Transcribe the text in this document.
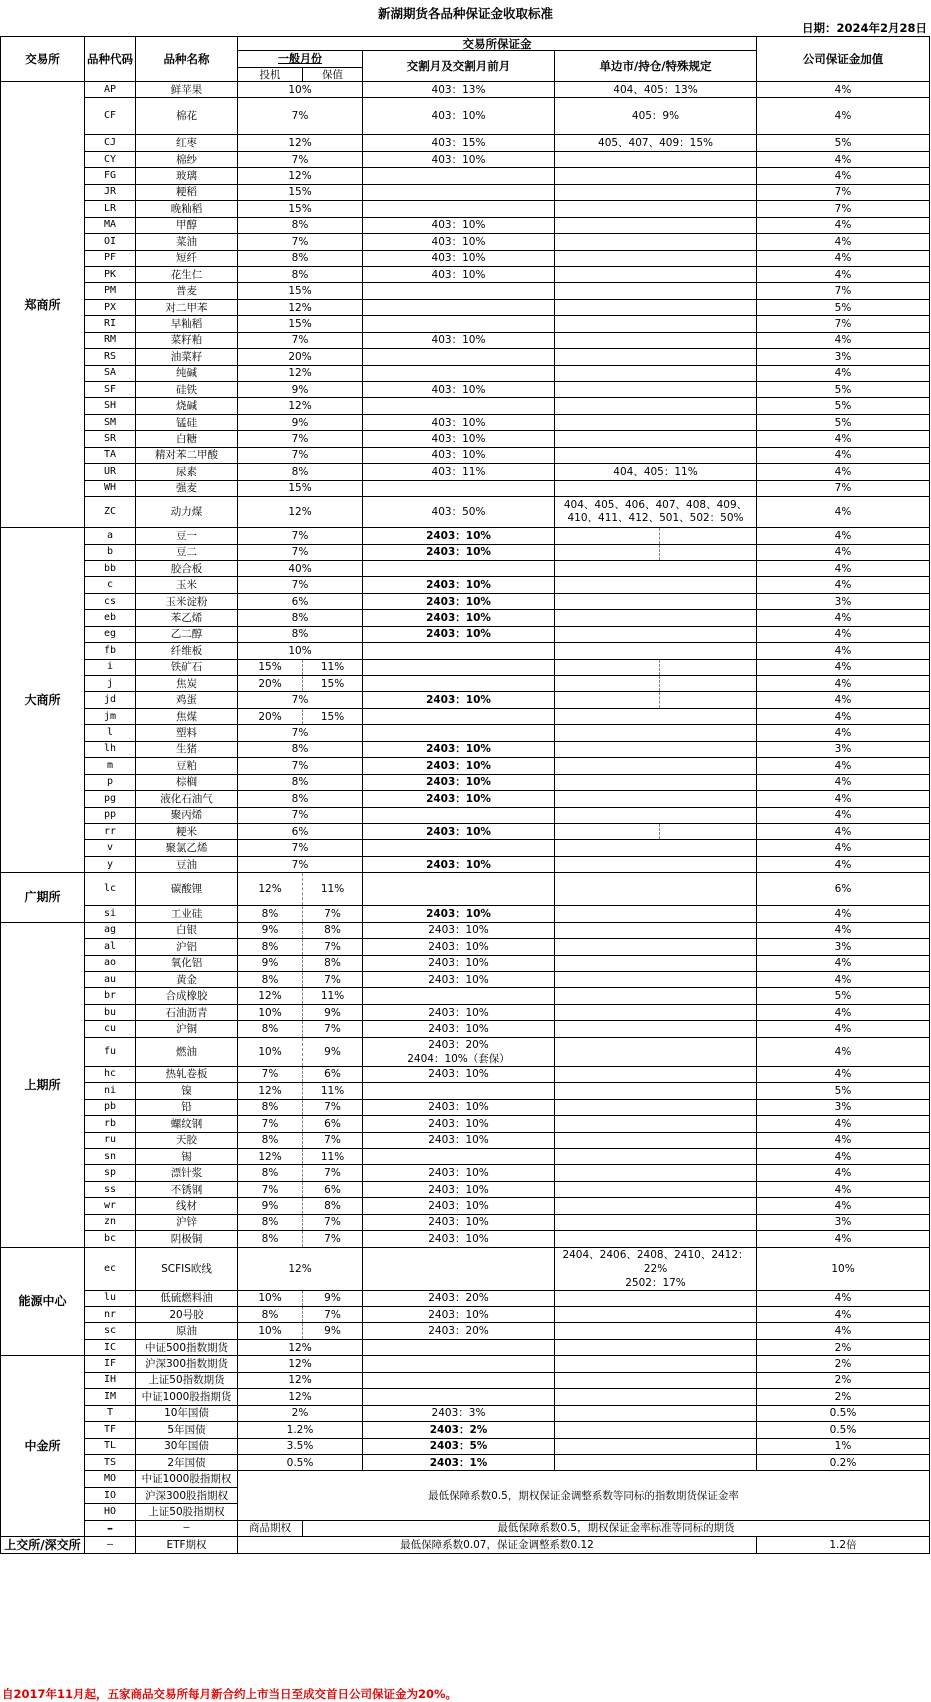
新湖期货各品种保证金收取标准
日期：2024年2月28日
交易所	品种代码	品种名称	交易所保证金					公司保证金加值
			一般月份		交割月及交割月前月	单边市/持仓/特殊规定		
			投机	保值				
郑商所	AP	鲜苹果	10%		403：13%	404、405：13%		4%
	CF	棉花	7%		403：10%	405：9%		4%
	CJ	红枣	12%		403：15%	405、407、409：15%		5%
	CY	棉纱	7%		403：10%			4%
	FG	玻璃	12%					4%
	JR	粳稻	15%					7%
	LR	晚籼稻	15%					7%
	MA	甲醇	8%		403：10%			4%
	OI	菜油	7%		403：10%			4%
	PF	短纤	8%		403：10%			4%
	PK	花生仁	8%		403：10%			4%
	PM	普麦	15%					7%
	PX	对二甲苯	12%					5%
	RI	早籼稻	15%					7%
	RM	菜籽粕	7%		403：10%			4%
	RS	油菜籽	20%					3%
	SA	纯碱	12%					4%
	SF	硅铁	9%		403：10%			5%
	SH	烧碱	12%					5%
	SM	锰硅	9%		403：10%			5%
	SR	白糖	7%		403：10%			4%
	TA	精对苯二甲酸	7%		403：10%			4%
	UR	尿素	8%		403：11%	404、405：11%		4%
	WH	强麦	15%					7%
	ZC	动力煤	12%		403：50%	404、405、406、407、408、409、410、411、412、501、502：50%		4%
大商所	a	豆一	7%		2403：10%			4%
	b	豆二	7%		2403：10%			4%
	bb	胶合板	40%					4%
	c	玉米	7%		2403：10%			4%
	cs	玉米淀粉	6%		2403：10%			3%
	eb	苯乙烯	8%		2403：10%			4%
	eg	乙二醇	8%		2403：10%			4%
	fb	纤维板	10%					4%
	i	铁矿石	15%	11%				4%
	j	焦炭	20%	15%				4%
	jd	鸡蛋	7%		2403：10%			4%
	jm	焦煤	20%	15%				4%
	l	塑料	7%					4%
	lh	生猪	8%		2403：10%			3%
	m	豆粕	7%		2403：10%			4%
	p	棕榈	8%		2403：10%			4%
	pg	液化石油气	8%		2403：10%			4%
	pp	聚丙烯	7%					4%
	rr	粳米	6%		2403：10%			4%
	v	聚氯乙烯	7%					4%
	y	豆油	7%		2403：10%			4%
广期所	lc	碳酸锂	12%	11%				6%
	si	工业硅	8%	7%	2403：10%			4%
上期所	ag	白银	9%	8%	2403：10%			4%
	al	沪铝	8%	7%	2403：10%			3%
	ao	氧化铝	9%	8%	2403：10%			4%
	au	黄金	8%	7%	2403：10%			4%
	br	合成橡胶	12%	11%				5%
	bu	石油沥青	10%	9%	2403：10%			4%
	cu	沪铜	8%	7%	2403：10%			4%
	fu	燃油	10%	9%	2403：20%
2404：10%（套保）			4%
	hc	热轧卷板	7%	6%	2403：10%			4%
	ni	镍	12%	11%				5%
	pb	铅	8%	7%	2403：10%			3%
	rb	螺纹钢	7%	6%	2403：10%			4%
	ru	天胶	8%	7%	2403：10%			4%
	sn	锡	12%	11%				4%
	sp	漂针浆	8%	7%	2403：10%			4%
	ss	不锈钢	7%	6%	2403：10%			4%
	wr	线材	9%	8%	2403：10%			4%
	zn	沪锌	8%	7%	2403：10%			3%
	bc	阴极铜	8%	7%	2403：10%			4%
能源中心	ec	SCFIS欧线	12%			2404、2406、2408、2410、2412：22%
2502：17%		10%
	lu	低硫燃料油	10%	9%	2403：20%			4%
	nr	20号胶	8%	7%	2403：10%			4%
	sc	原油	10%	9%	2403：20%			4%
	IC	中证500指数期货	12%					2%
中金所	IF	沪深300指数期货	12%					2%
	IH	上证50指数期货	12%					2%
	IM	中证1000股指期货	12%					2%
	T	10年国债	2%		2403：3%			0.5%
	TF	5年国债	1.2%		2403：2%			0.5%
	TL	30年国债	3.5%		2403：5%			1%
	TS	2年国债	0.5%		2403：1%			0.2%
	MO	中证1000股指期权	最低保障系数0.5，期权保证金调整系数等同标的指数期货保证金率					
	IO	沪深300股指期权						
	HO	上证50股指期权						
	–	–	商品期权	最低保障系数0.5，期权保证金率标准等同标的期货				
上交所/深交所	–	ETF期权	最低保障系数0.07，保证金调整系数0.12					1.2倍
自2017年11月起，五家商品交易所每月新合约上市当日至成交首日公司保证金为20%。
